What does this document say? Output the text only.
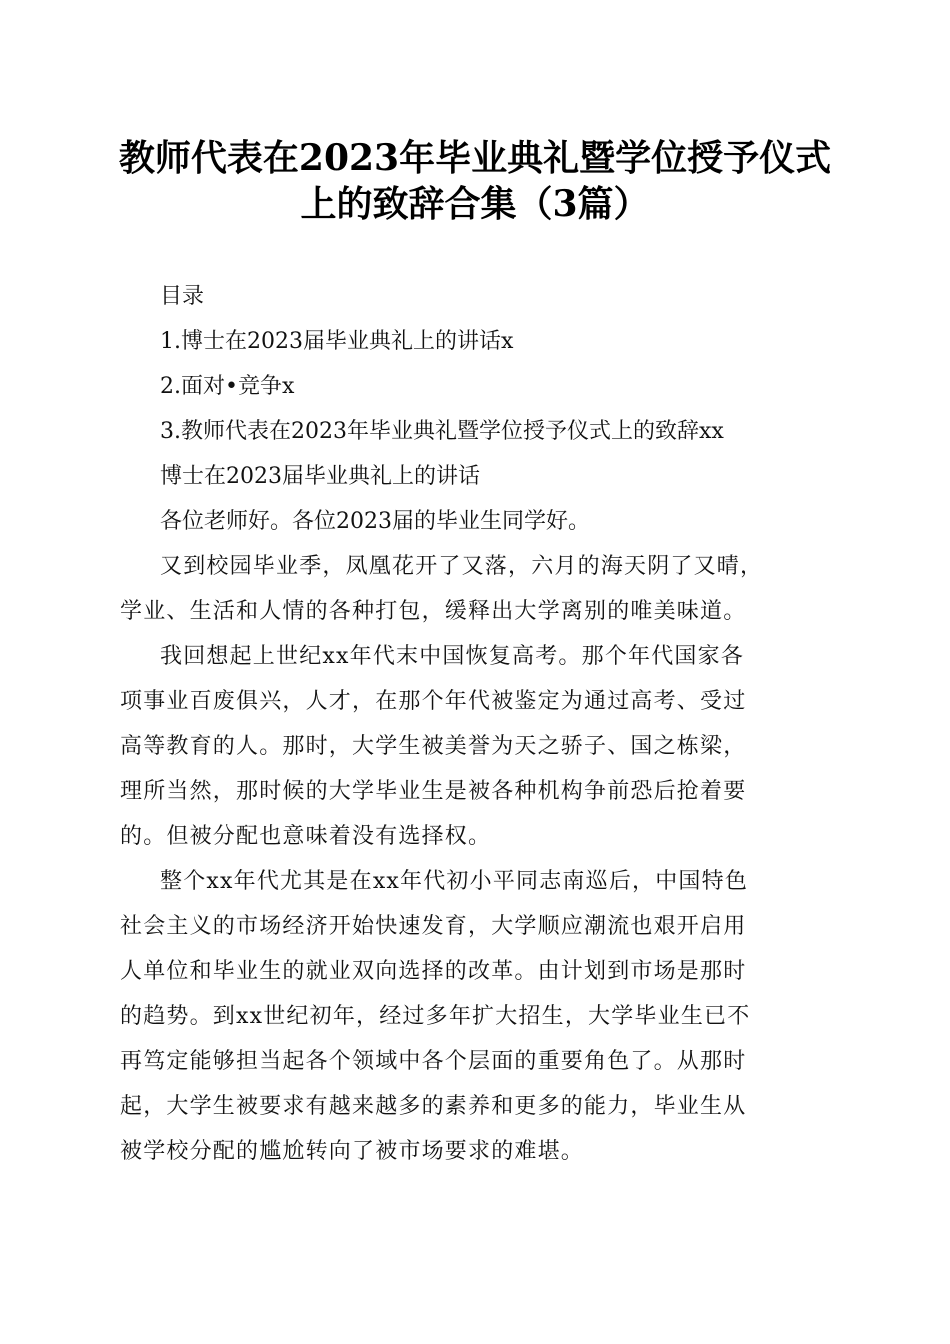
教师代表在2023年毕业典礼暨学位授予仪式
上的致辞合集（3篇）
目录
1.博士在2023届毕业典礼上的讲话x
2.面对•竞争x
3.教师代表在2023年毕业典礼暨学位授予仪式上的致辞xx
博士在2023届毕业典礼上的讲话
各位老师好。各位2023届的毕业生同学好。
又到校园毕业季，凤凰花开了又落，六月的海天阴了又晴，
学业、生活和人情的各种打包，缓释出大学离别的唯美味道。
我回想起上世纪xx年代末中国恢复高考。那个年代国家各
项事业百废俱兴，人才，在那个年代被鉴定为通过高考、受过
高等教育的人。那时，大学生被美誉为天之骄子、国之栋梁，
理所当然，那时候的大学毕业生是被各种机构争前恐后抢着要
的。但被分配也意味着没有选择权。
整个xx年代尤其是在xx年代初小平同志南巡后，中国特色
社会主义的市场经济开始快速发育，大学顺应潮流也艰开启用
人单位和毕业生的就业双向选择的改革。由计划到市场是那时
的趋势。到xx世纪初年，经过多年扩大招生，大学毕业生已不
再笃定能够担当起各个领域中各个层面的重要角色了。从那时
起，大学生被要求有越来越多的素养和更多的能力，毕业生从
被学校分配的尴尬转向了被市场要求的难堪。
